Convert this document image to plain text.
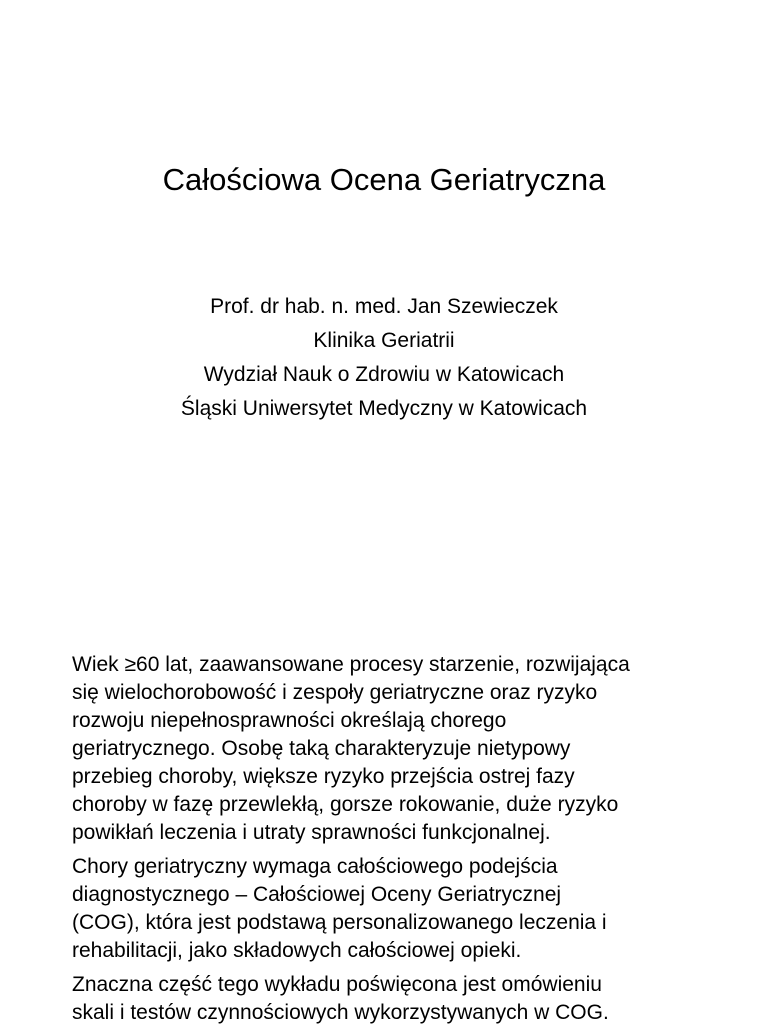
Całościowa Ocena Geriatryczna
Prof. dr hab. n. med. Jan Szewieczek
Klinika Geriatrii
Wydział Nauk o Zdrowiu w Katowicach
Śląski Uniwersytet Medyczny w Katowicach

Wiek ≥60 lat, zaawansowane procesy starzenie, rozwijająca
się wielochorobowość i zespoły geriatryczne oraz ryzyko
rozwoju niepełnosprawności określają chorego
geriatrycznego. Osobę taką charakteryzuje nietypowy
przebieg choroby, większe ryzyko przejścia ostrej fazy
choroby w fazę przewlekłą, gorsze rokowanie, duże ryzyko
powikłań leczenia i utraty sprawności funkcjonalnej.

Chory geriatryczny wymaga całościowego podejścia
diagnostycznego – Całościowej Oceny Geriatrycznej
(COG), która jest podstawą personalizowanego leczenia i
rehabilitacji, jako składowych całościowej opieki.

Znaczna część tego wykładu poświęcona jest omówieniu
skali i testów czynnościowych wykorzystywanych w COG.
